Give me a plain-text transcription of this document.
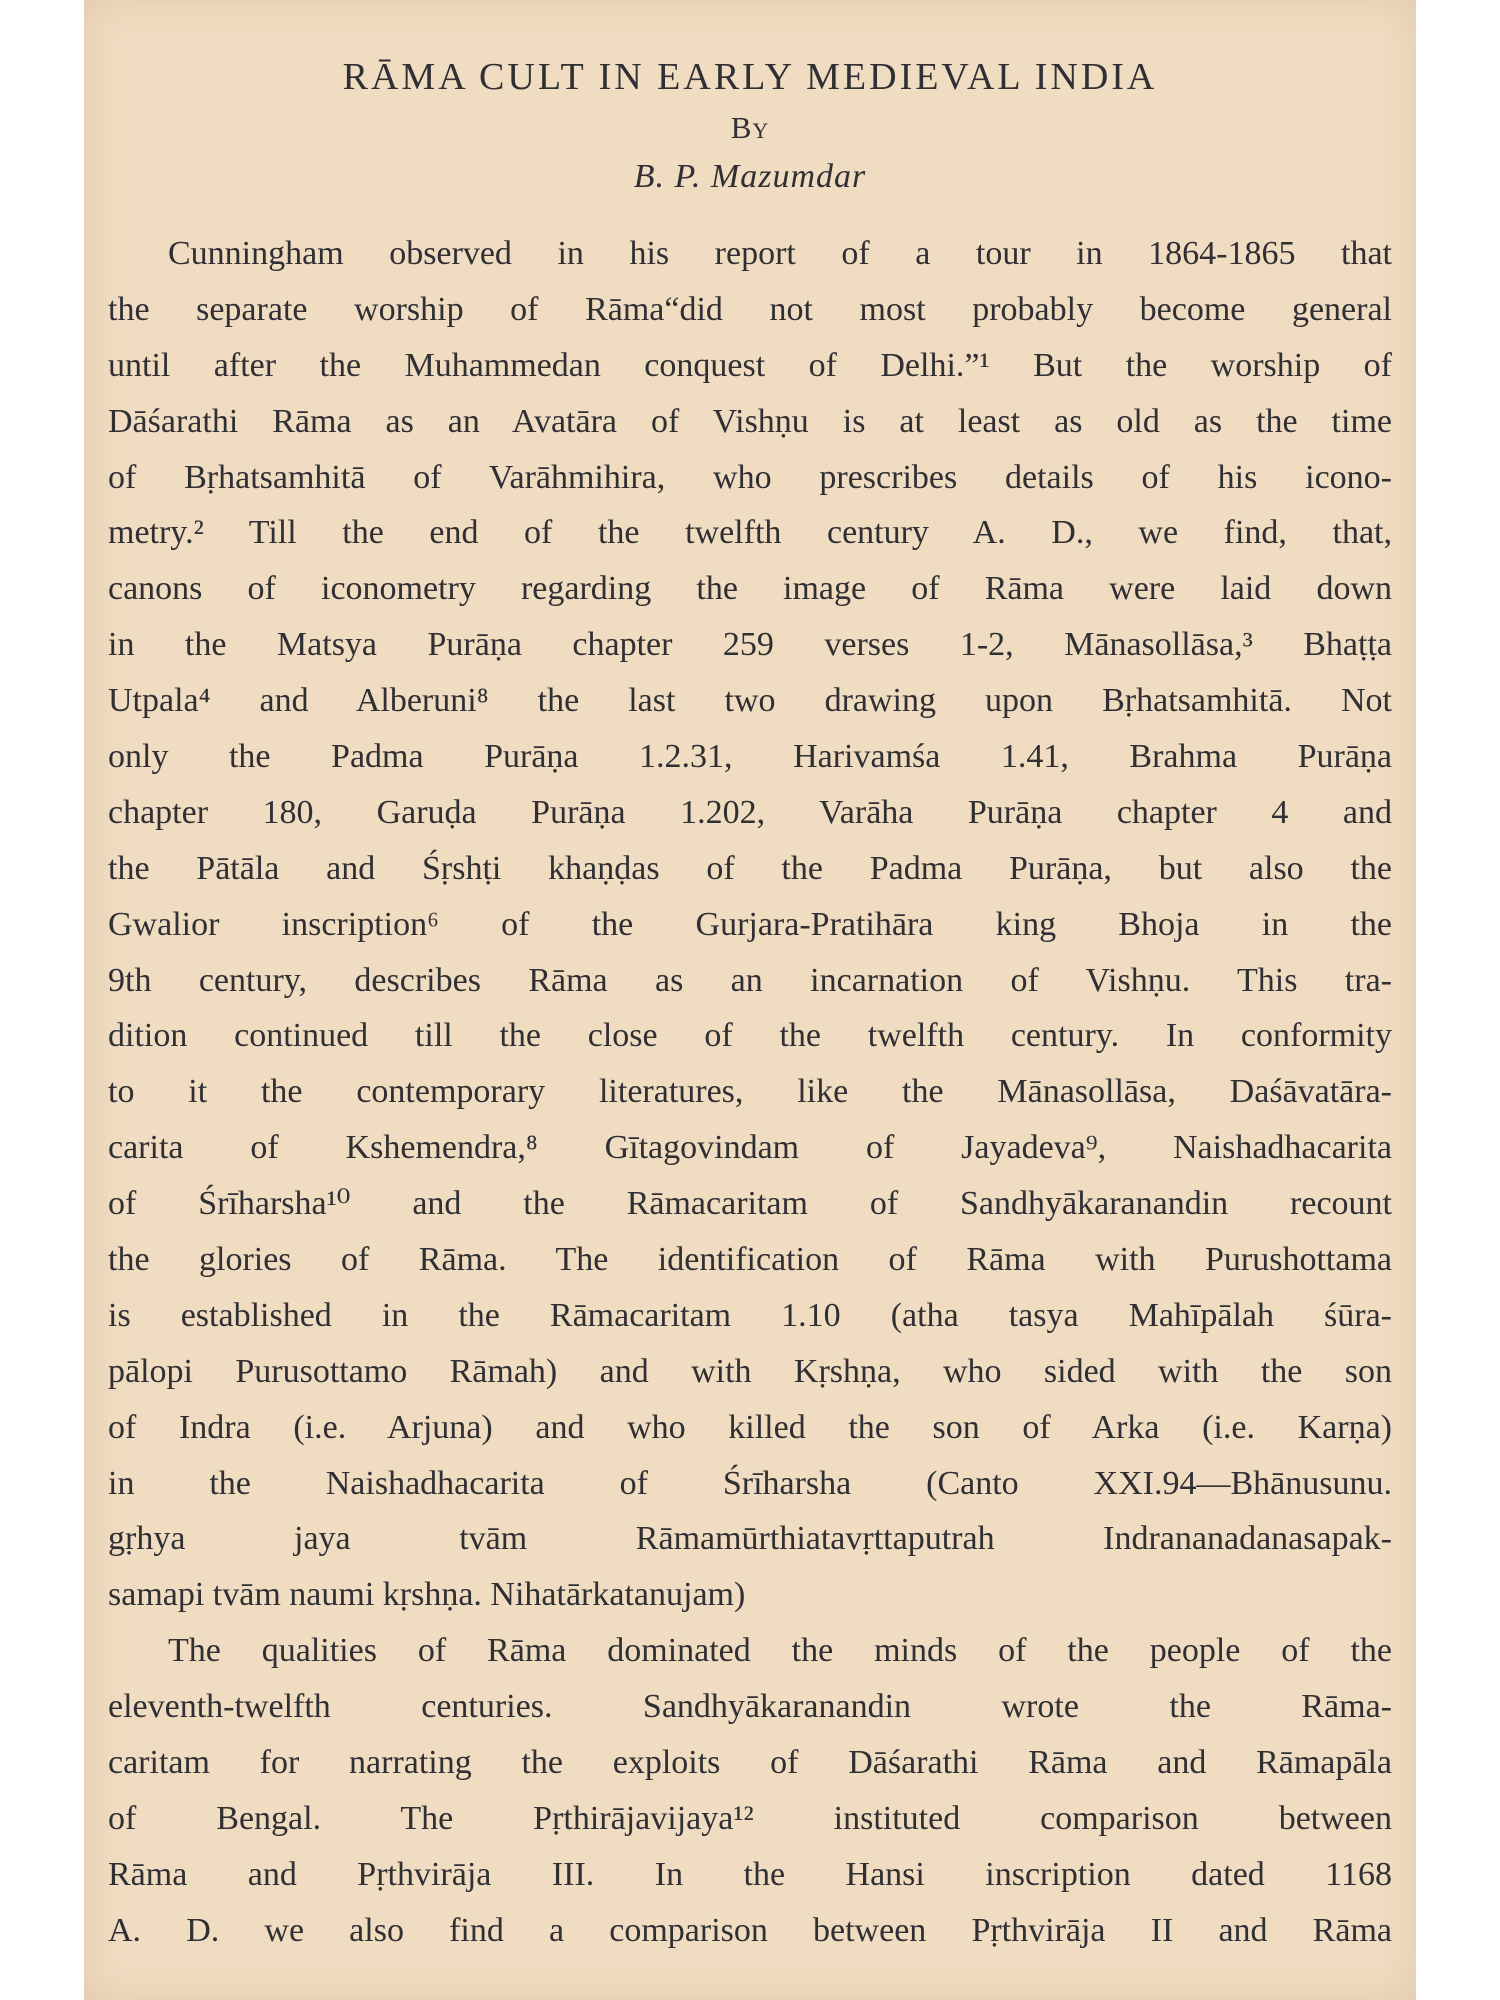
RĀMA CULT IN EARLY MEDIEVAL INDIA
By
B. P. Mazumdar
Cunningham observed in his report of a tour in 1864-1865 that
the separate worship of Rāma“did not most probably become general
until after the Muhammedan conquest of Delhi.”¹ But the worship of
Dāśarathi Rāma as an Avatāra of Vishṇu is at least as old as the time
of Bṛhatsamhitā of Varāhmihira, who prescribes details of his icono-
metry.² Till the end of the twelfth century A. D., we find, that,
canons of iconometry regarding the image of Rāma were laid down
in the Matsya Purāṇa chapter 259 verses 1-2, Mānasollāsa,³ Bhaṭṭa
Utpala⁴ and Alberuni⁸ the last two drawing upon Bṛhatsamhitā. Not
only the Padma Purāṇa 1.2.31, Harivamśa 1.41, Brahma Purāṇa
chapter 180, Garuḍa Purāṇa 1.202, Varāha Purāṇa chapter 4 and
the Pātāla and Śṛshṭi khaṇḍas of the Padma Purāṇa, but also the
Gwalior inscription⁶ of the Gurjara-Pratihāra king Bhoja in the
9th century, describes Rāma as an incarnation of Vishṇu. This tra-
dition continued till the close of the twelfth century. In conformity
to it the contemporary literatures, like the Mānasollāsa, Daśāvatāra-
carita of Kshemendra,⁸ Gītagovindam of Jayadeva⁹, Naishadhacarita
of Śrīharsha¹⁰ and the Rāmacaritam of Sandhyākaranandin recount
the glories of Rāma. The identification of Rāma with Purushottama
is established in the Rāmacaritam 1.10 (atha tasya Mahīpālah śūra-
pālopi Purusottamo Rāmah) and with Kṛshṇa, who sided with the son
of Indra (i.e. Arjuna) and who killed the son of Arka (i.e. Karṇa)
in the Naishadhacarita of Śrīharsha (Canto XXI.94—Bhānusunu.
gṛhya jaya tvām Rāmamūrthiatavṛttaputrah Indrananadanasapak-
samapi tvām naumi kṛshṇa. Nihatārkatanujam)
The qualities of Rāma dominated the minds of the people of the
eleventh-twelfth centuries. Sandhyākaranandin wrote the Rāma-
caritam for narrating the exploits of Dāśarathi Rāma and Rāmapāla
of Bengal. The Pṛthirājavijaya¹² instituted comparison between
Rāma and Pṛthvirāja III. In the Hansi inscription dated 1168
A. D. we also find a comparison between Pṛthvirāja II and Rāma
